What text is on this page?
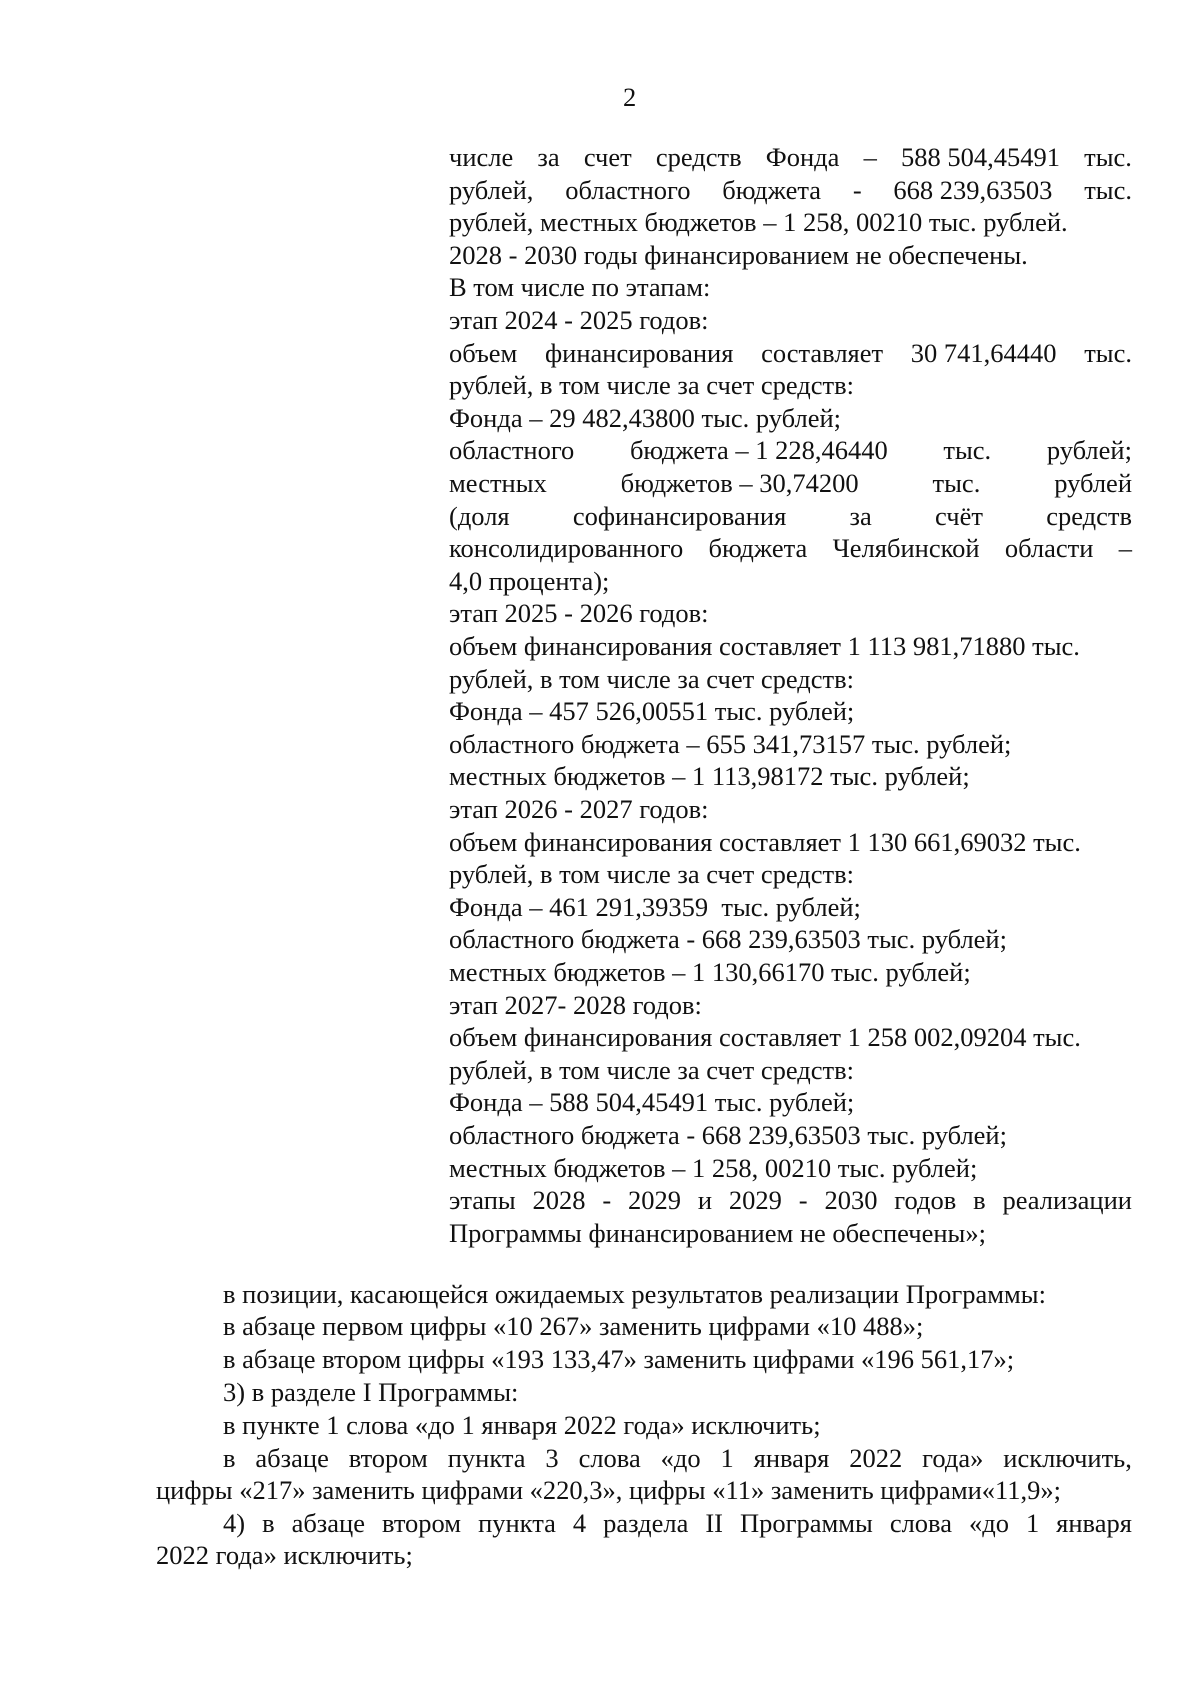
2
числе за счет средств Фонда – 588 504,45491 тыс.
рублей, областного бюджета - 668 239,63503 тыс.
рублей, местных бюджетов – 1 258, 00210 тыс. рублей.
2028 - 2030 годы финансированием не обеспечены.
В том числе по этапам:
этап 2024 - 2025 годов:
объем финансирования составляет 30 741,64440 тыс.
рублей, в том числе за счет средств:
Фонда – 29 482,43800 тыс. рублей;
областного бюджета – 1 228,46440 тыс. рублей;
местных	бюджетов – 30,74200	тыс.	рублей
(доля софинансирования за счёт средств
консолидированного бюджета Челябинской области –
4,0 процента);
этап 2025 - 2026 годов:
объем финансирования составляет 1 113 981,71880 тыс.
рублей, в том числе за счет средств:
Фонда – 457 526,00551 тыс. рублей;
областного бюджета – 655 341,73157 тыс. рублей;
местных бюджетов – 1 113,98172 тыс. рублей;
этап 2026 - 2027 годов:
объем финансирования составляет 1 130 661,69032 тыс.
рублей, в том числе за счет средств:
Фонда – 461 291,39359  тыс. рублей;
областного бюджета - 668 239,63503 тыс. рублей;
местных бюджетов – 1 130,66170 тыс. рублей;
этап 2027- 2028 годов:
объем финансирования составляет 1 258 002,09204 тыс.
рублей, в том числе за счет средств:
Фонда – 588 504,45491 тыс. рублей;
областного бюджета - 668 239,63503 тыс. рублей;
местных бюджетов – 1 258, 00210 тыс. рублей;
этапы 2028 - 2029 и 2029 - 2030 годов в реализации
Программы финансированием не обеспечены»;
в позиции, касающейся ожидаемых результатов реализации Программы:
в абзаце первом цифры «10 267» заменить цифрами «10 488»;
в абзаце втором цифры «193 133,47» заменить цифрами «196 561,17»;
3) в разделе I Программы:
в пункте 1 слова «до 1 января 2022 года» исключить;
в абзаце втором пункта 3 слова «до 1 января 2022 года» исключить,
цифры «217» заменить цифрами «220,3», цифры «11» заменить цифрами«11,9»;
4) в абзаце втором пункта 4 раздела II Программы слова «до 1 января
2022 года» исключить;
